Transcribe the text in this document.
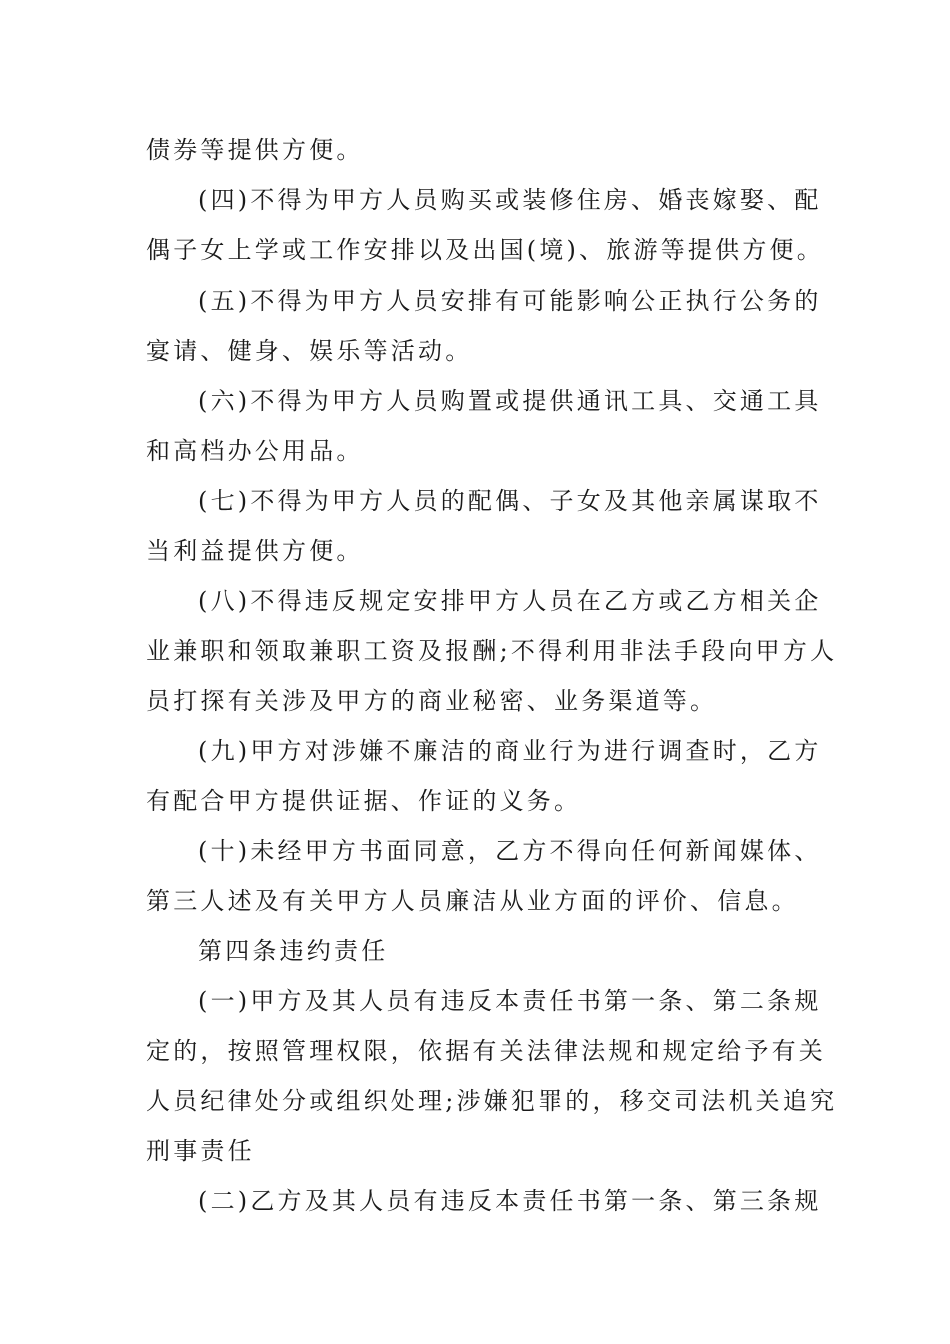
债券等提供方便。
(四)不得为甲方人员购买或装修住房、婚丧嫁娶、配
偶子女上学或工作安排以及出国(境)、旅游等提供方便。
(五)不得为甲方人员安排有可能影响公正执行公务的
宴请、健身、娱乐等活动。
(六)不得为甲方人员购置或提供通讯工具、交通工具
和高档办公用品。
(七)不得为甲方人员的配偶、子女及其他亲属谋取不
当利益提供方便。
(八)不得违反规定安排甲方人员在乙方或乙方相关企
业兼职和领取兼职工资及报酬;不得利用非法手段向甲方人
员打探有关涉及甲方的商业秘密、业务渠道等。
(九)甲方对涉嫌不廉洁的商业行为进行调查时，乙方
有配合甲方提供证据、作证的义务。
(十)未经甲方书面同意，乙方不得向任何新闻媒体、
第三人述及有关甲方人员廉洁从业方面的评价、信息。
第四条违约责任
(一)甲方及其人员有违反本责任书第一条、第二条规
定的，按照管理权限，依据有关法律法规和规定给予有关
人员纪律处分或组织处理;涉嫌犯罪的，移交司法机关追究
刑事责任
(二)乙方及其人员有违反本责任书第一条、第三条规
